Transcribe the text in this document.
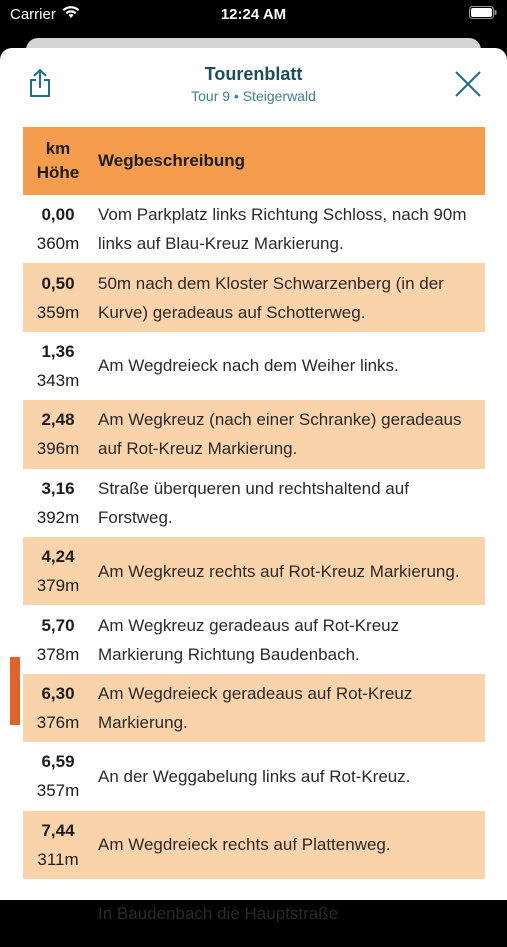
Carrier	12:24 AM
Tourenblatt
Tour 9 • Steigerwald
km
Höhe
Wegbeschreibung
0,00
360m
Vom Parkplatz links Richtung Schloss, nach 90m links auf Blau-Kreuz Markierung.
0,50
359m
50m nach dem Kloster Schwarzenberg (in der Kurve) geradeaus auf Schotterweg.
1,36
343m
Am Wegdreieck nach dem Weiher links.
2,48
396m
Am Wegkreuz (nach einer Schranke) geradeaus auf Rot-Kreuz Markierung.
3,16
392m
Straße überqueren und rechtshaltend auf Forstweg.
4,24
379m
Am Wegkreuz rechts auf Rot-Kreuz Markierung.
5,70
378m
Am Wegkreuz geradeaus auf Rot-Kreuz Markierung Richtung Baudenbach.
6,30
376m
Am Wegdreieck geradeaus auf Rot-Kreuz Markierung.
6,59
357m
An der Weggabelung links auf Rot-Kreuz.
7,44
311m
Am Wegdreieck rechts auf Plattenweg.
In Baudenbach die Hauptstraße
